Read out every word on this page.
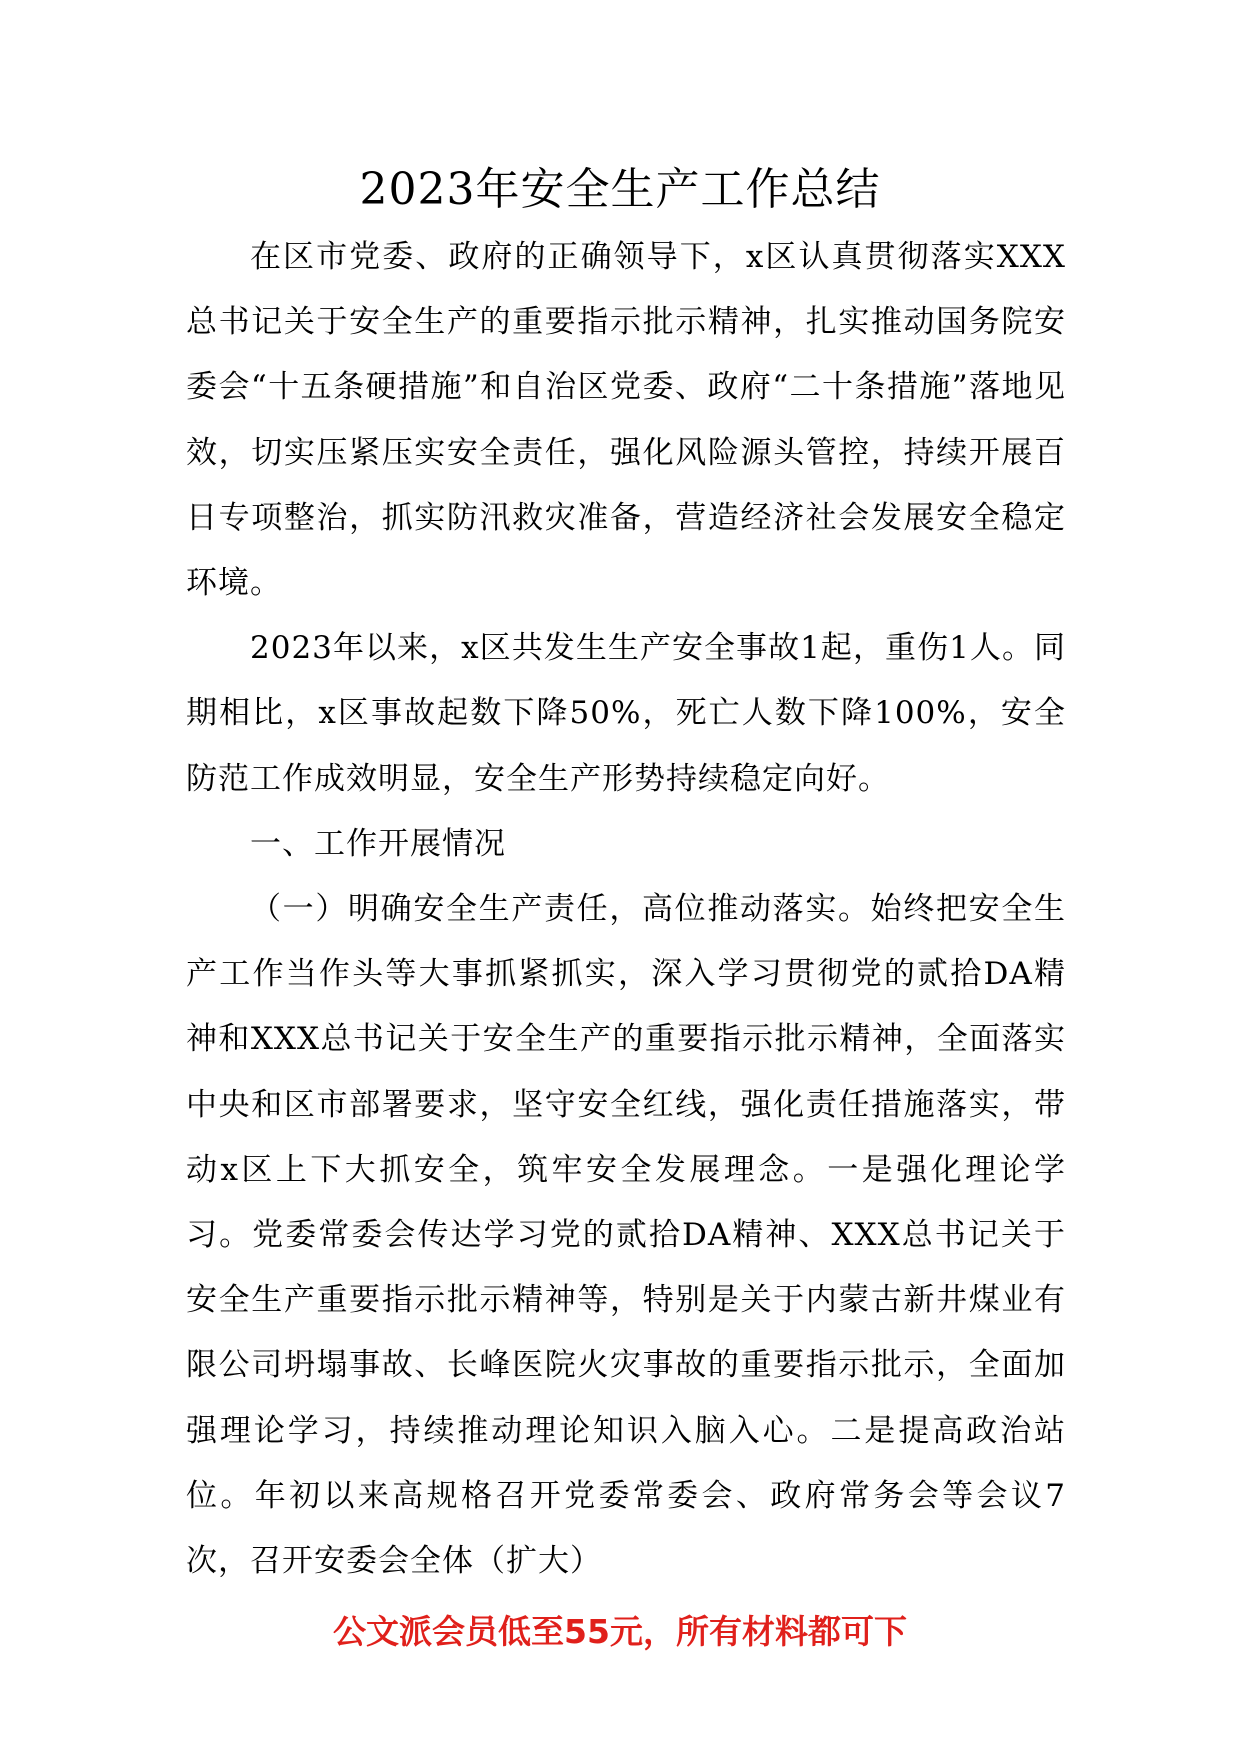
2023年安全生产工作总结

在区市党委、政府的正确领导下，x区认真贯彻落实XXX总书记关于安全生产的重要指示批示精神，扎实推动国务院安委会“十五条硬措施”和自治区党委、政府“二十条措施”落地见效，切实压紧压实安全责任，强化风险源头管控，持续开展百日专项整治，抓实防汛救灾准备，营造经济社会发展安全稳定环境。

2023年以来，x区共发生生产安全事故1起，重伤1人。同期相比，x区事故起数下降50%，死亡人数下降100%，安全防范工作成效明显，安全生产形势持续稳定向好。

一、工作开展情况

（一）明确安全生产责任，高位推动落实。始终把安全生产工作当作头等大事抓紧抓实，深入学习贯彻党的贰拾DA精神和XXX总书记关于安全生产的重要指示批示精神，全面落实中央和区市部署要求，坚守安全红线，强化责任措施落实，带动x区上下大抓安全，筑牢安全发展理念。一是强化理论学习。党委常委会传达学习党的贰拾DA精神、XXX总书记关于安全生产重要指示批示精神等，特别是关于内蒙古新井煤业有限公司坍塌事故、长峰医院火灾事故的重要指示批示，全面加强理论学习，持续推动理论知识入脑入心。二是提高政治站位。年初以来高规格召开党委常委会、政府常务会等会议7次，召开安委会全体（扩大）

公文派会员低至55元，所有材料都可下
